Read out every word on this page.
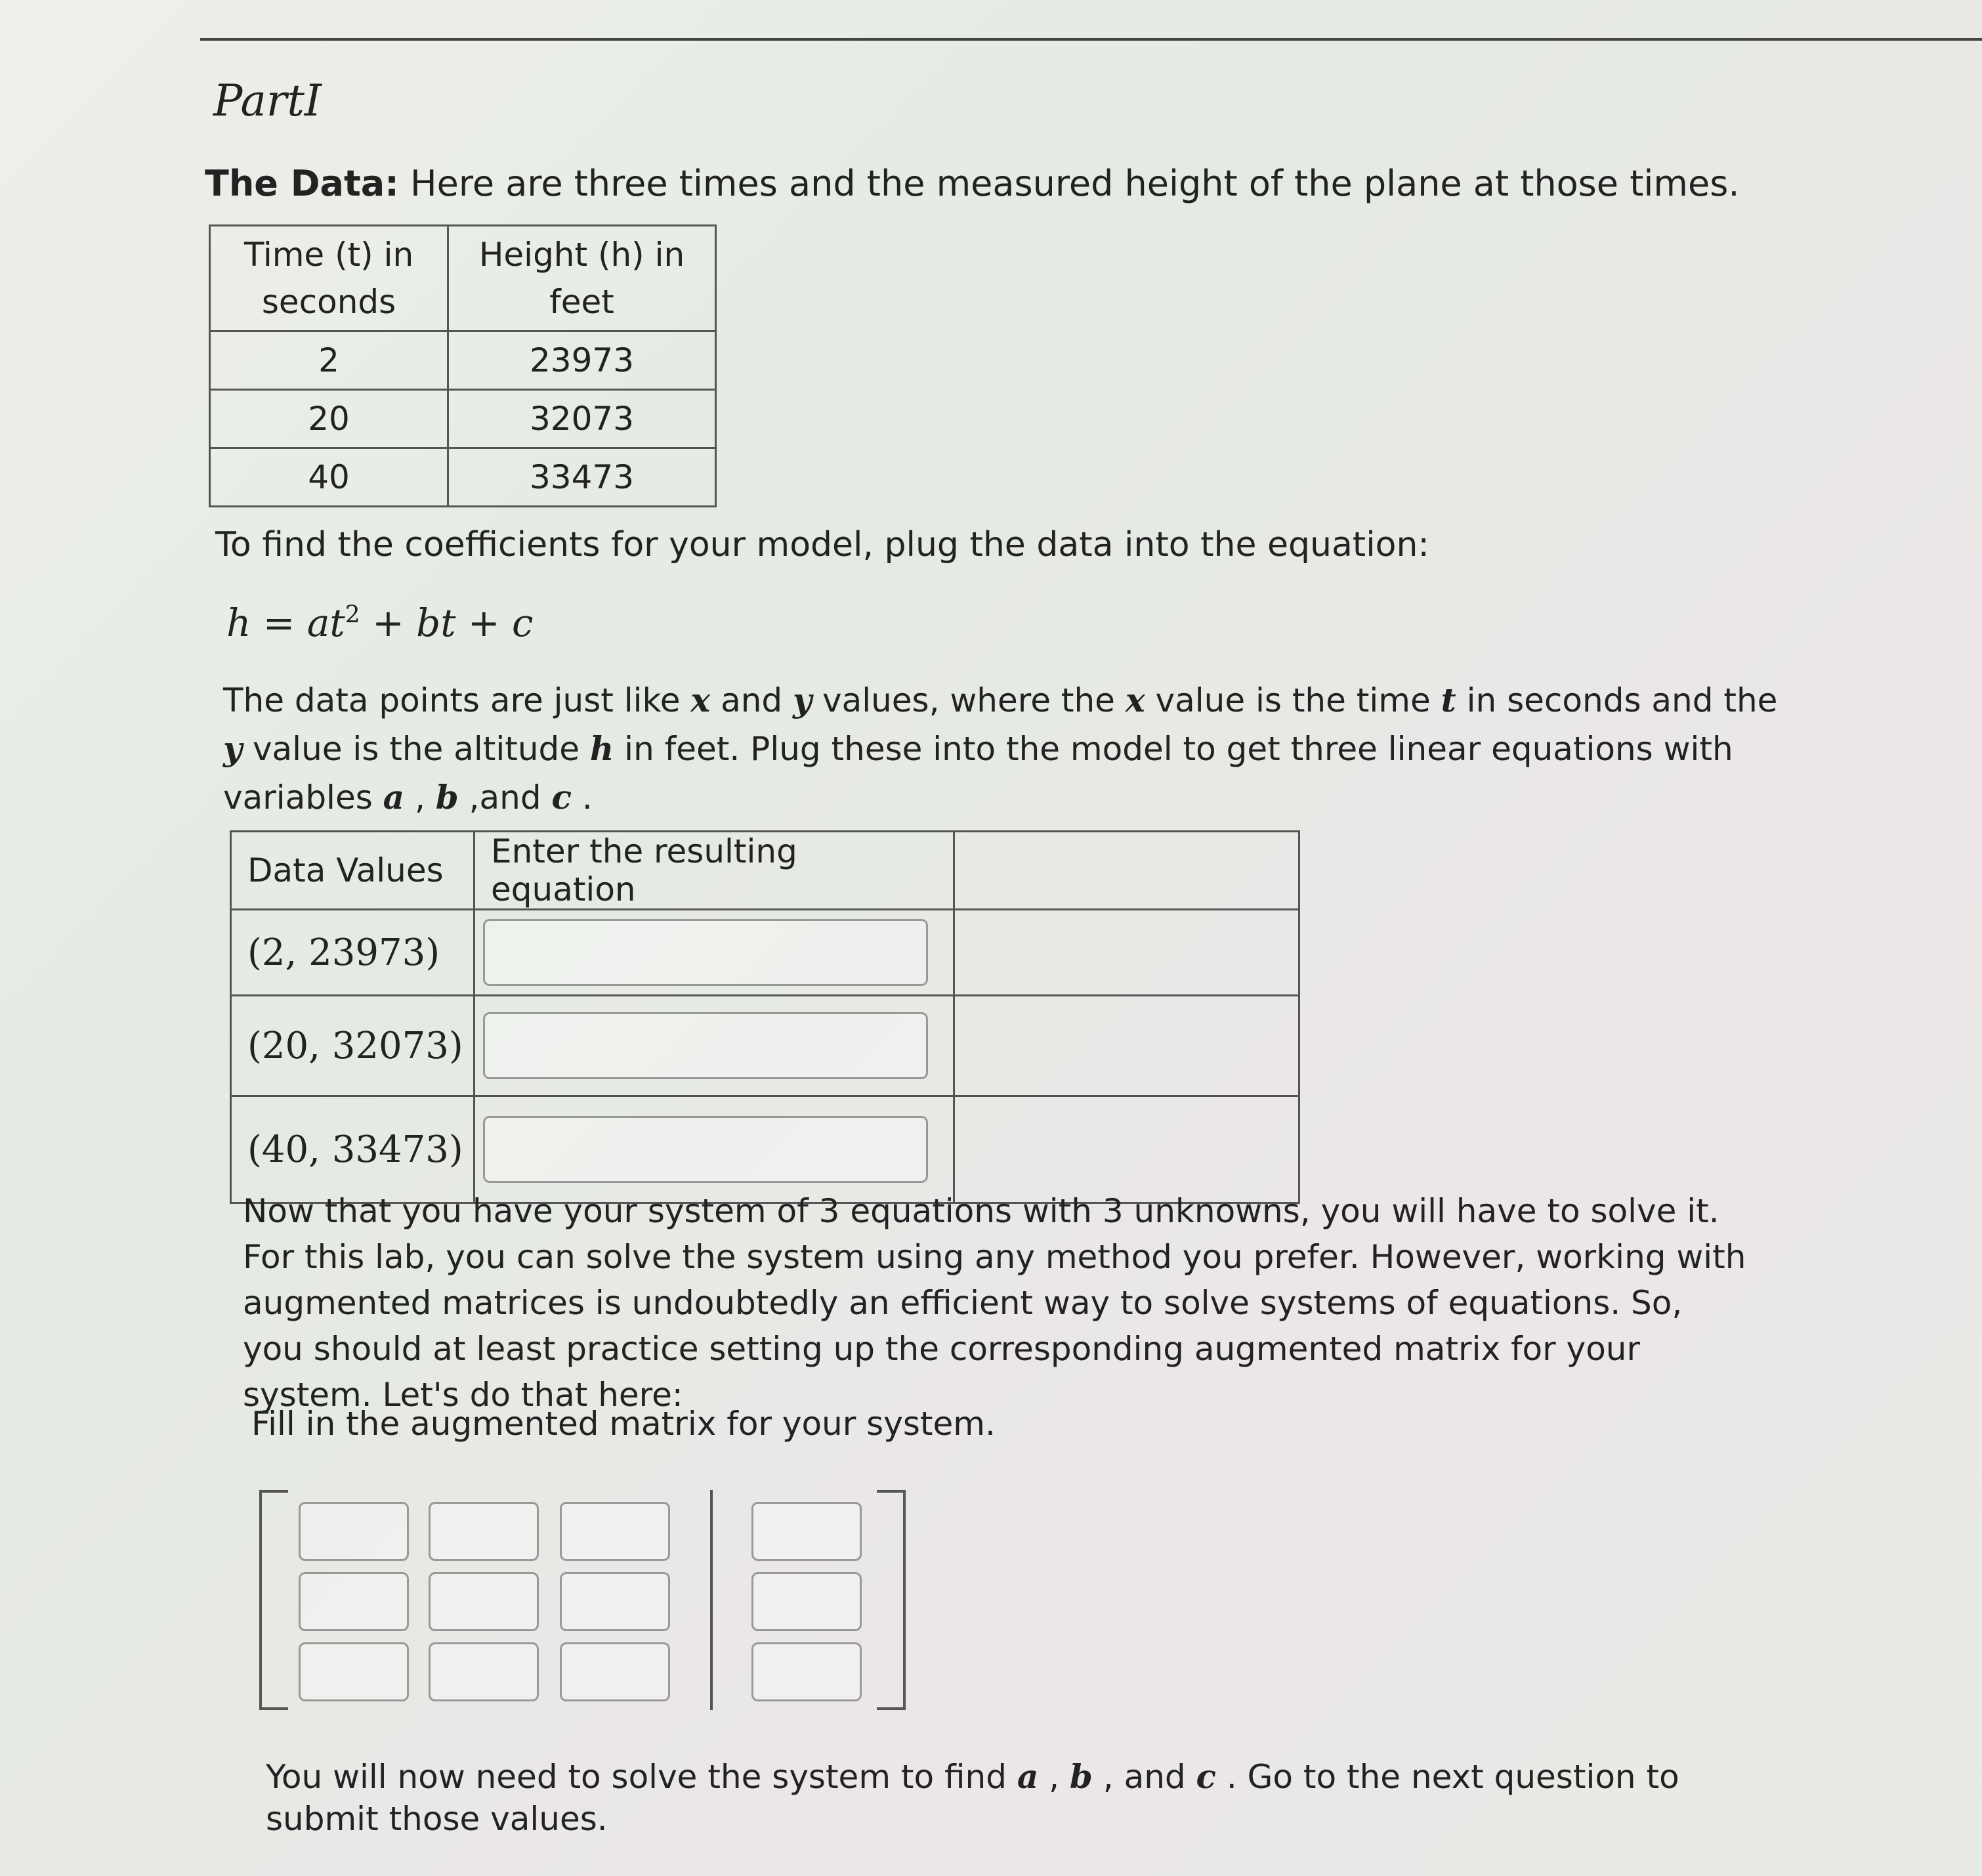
PartI
The Data: Here are three times and the measured height of the plane at those times.
Time (t) in seconds	Height (h) in feet
2	23973
20	32073
40	33473
To find the coefficients for your model, plug the data into the equation:
$h = at^2$ + bt + c
The data points are just like x and y values, where the x value is the time t in seconds and the y value is the altitude h in feet. Plug these into the model to get three linear equations with variables a , b ,and c .
Data Values	Enter the resulting equation	
(2, 23973)	

(20, 32073)	

(40, 33473)	

Now that you have your system of 3 equations with 3 unknowns, you will have to solve it. For this lab, you can solve the system using any method you prefer. However, working with augmented matrices is undoubtedly an efficient way to solve systems of equations. So, you should at least practice setting up the corresponding augmented matrix for your system. Let's do that here:
Fill in the augmented matrix for your system.
You will now need to solve the system to find a , b , and c . Go to the next question to submit those values.
